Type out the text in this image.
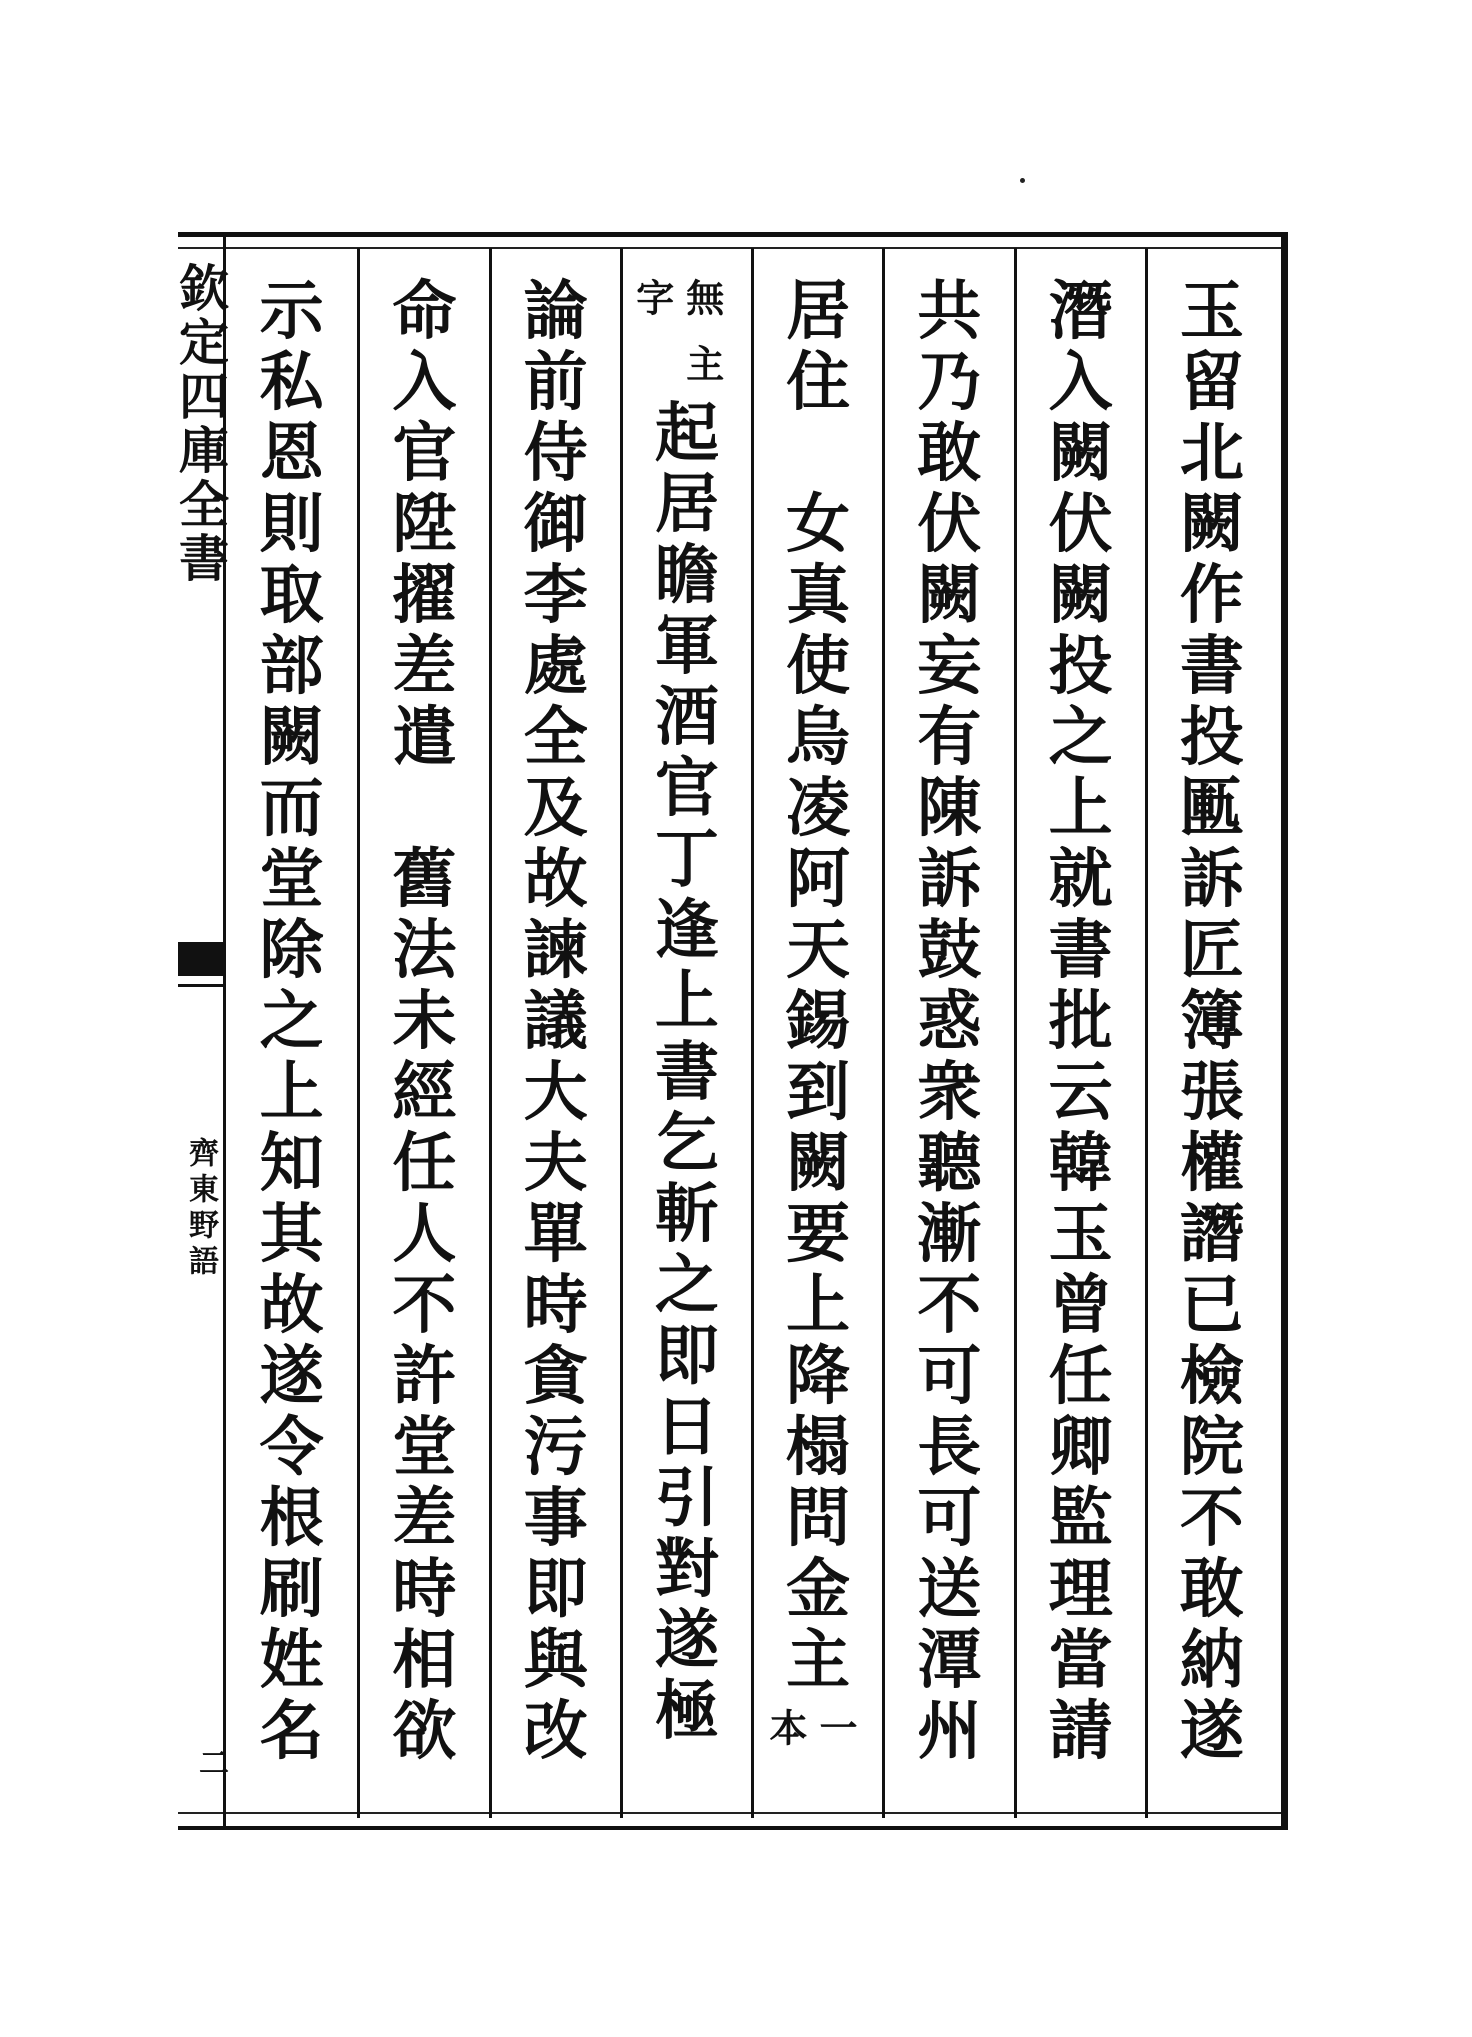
欽定四庫全書
齊東野語
二
玉
留
北
闕
作
書
投
匭
訴
匠
簿
張
權
譖
已
檢
院
不
敢
納
遂
潛
入
闕
伏
闕
投
之
上
就
書
批
云
韓
玉
曾
任
卿
監
理
當
請
共
乃
敢
伏
闕
妄
有
陳
訴
鼓
惑
衆
聽
漸
不
可
長
可
送
潭
州
居
住
女
真
使
烏
凌
阿
天
錫
到
闕
要
上
降
榻
問
金
主
一
本
起
居
瞻
軍
酒
官
丁
逢
上
書
乞
斬
之
即
日
引
對
遂
極
無主
字
論
前
侍
御
李
處
全
及
故
諫
議
大
夫
單
時
貪
污
事
即
與
改
命
入
官
陞
擢
差
遣
舊
法
未
經
任
人
不
許
堂
差
時
相
欲
示
私
恩
則
取
部
闕
而
堂
除
之
上
知
其
故
遂
令
根
刷
姓
名
